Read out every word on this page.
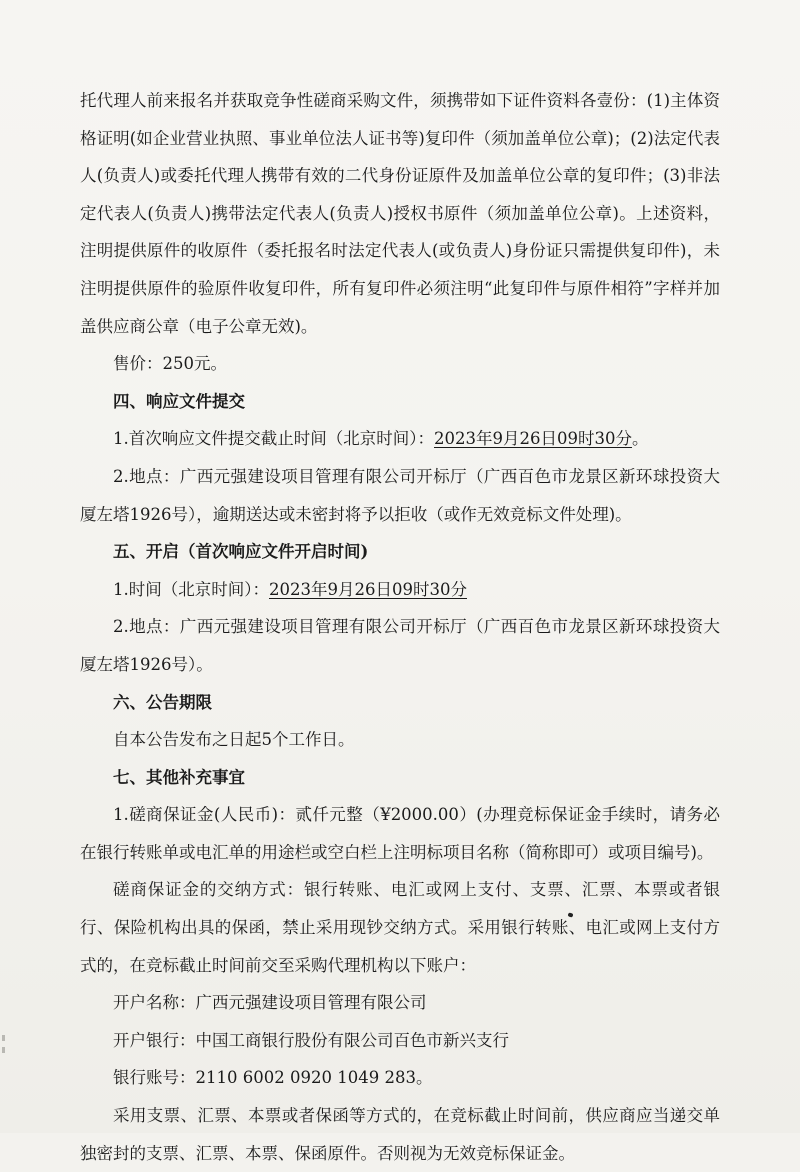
托代理人前来报名并获取竞争性磋商采购文件，须携带如下证件资料各壹份：(1)主体资格证明(如企业营业执照、事业单位法人证书等)复印件（须加盖单位公章)；(2)法定代表人(负责人)或委托代理人携带有效的二代身份证原件及加盖单位公章的复印件；(3)非法定代表人(负责人)携带法定代表人(负责人)授权书原件（须加盖单位公章)。上述资料，注明提供原件的收原件（委托报名时法定代表人(或负责人)身份证只需提供复印件)，未注明提供原件的验原件收复印件，所有复印件必须注明“此复印件与原件相符”字样并加盖供应商公章（电子公章无效)。

售价：250元。

四、响应文件提交

1.首次响应文件提交截止时间（北京时间）：2023年9月26日09时30分。

2.地点：广西元强建设项目管理有限公司开标厅（广西百色市龙景区新环球投资大厦左塔1926号），逾期送达或未密封将予以拒收（或作无效竞标文件处理)。

五、开启（首次响应文件开启时间)

1.时间（北京时间）：2023年9月26日09时30分

2.地点：广西元强建设项目管理有限公司开标厅（广西百色市龙景区新环球投资大厦左塔1926号）。

六、公告期限

自本公告发布之日起5个工作日。

七、其他补充事宜

1.磋商保证金(人民币)：贰仟元整（¥2000.00）(办理竞标保证金手续时，请务必在银行转账单或电汇单的用途栏或空白栏上注明标项目名称（简称即可）或项目编号)。

磋商保证金的交纳方式：银行转账、电汇或网上支付、支票、汇票、本票或者银行、保险机构出具的保函，禁止采用现钞交纳方式。采用银行转账、电汇或网上支付方式的，在竞标截止时间前交至采购代理机构以下账户：

开户名称：广西元强建设项目管理有限公司

开户银行：中国工商银行股份有限公司百色市新兴支行

银行账号：2110 6002 0920 1049 283。

采用支票、汇票、本票或者保函等方式的，在竞标截止时间前，供应商应当递交单独密封的支票、汇票、本票、保函原件。否则视为无效竞标保证金。
